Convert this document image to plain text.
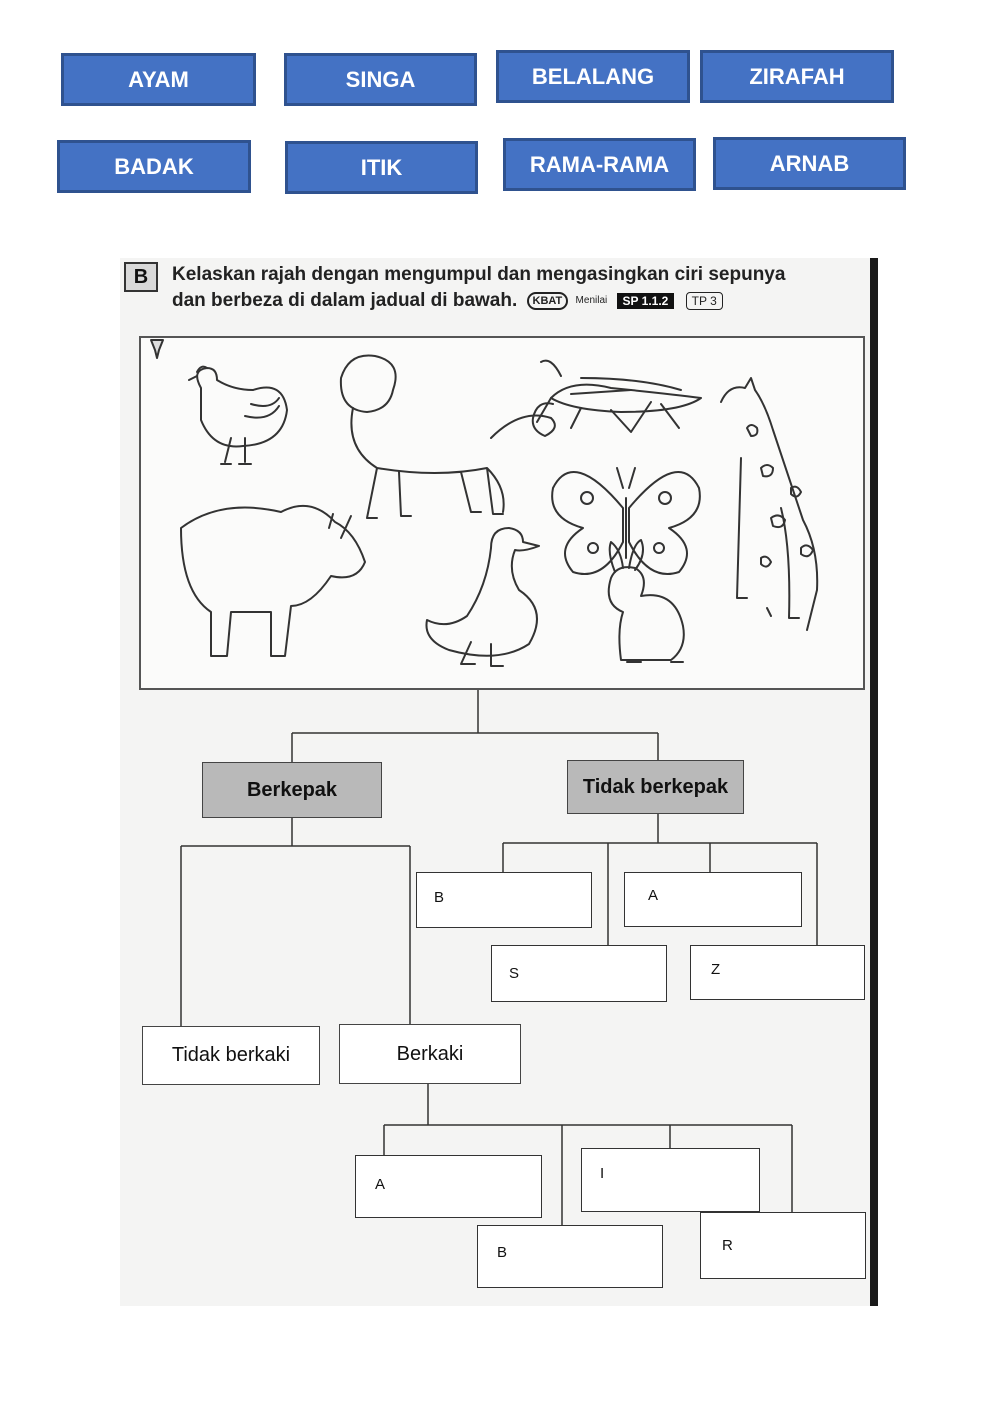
AYAM	SINGA	BELALANG	ZIRAFAH
BADAK	ITIK	RAMA-RAMA	ARNAB
B	Kelaskan rajah dengan mengumpul dan mengasingkan ciri sepunya
dan berbeza di dalam jadual di bawah. KBAT Menilai SP 1.1.2 TP 3
Berkepak	Tidak berkepak
Tidak berkaki	Berkaki
B	A
S	Z
A
I
B	R
